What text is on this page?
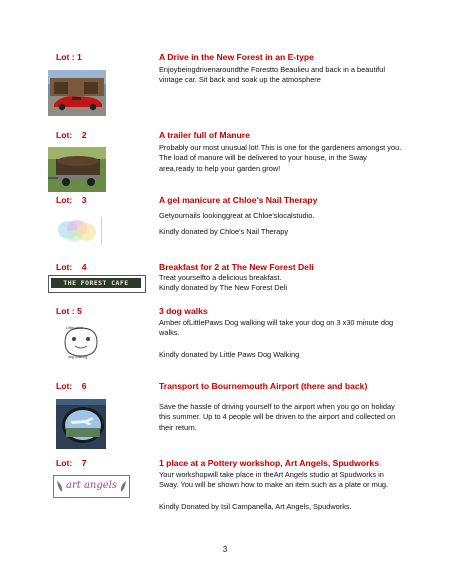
Lot : 1	A Drive in the New Forest in an E-type

Enjoybeingdrivenaroundthe Forestto Beaulieu and back in a beautiful vintage car. Sit back and soak up the atmosphere

Lot:    2	A trailer full of Manure

Probably our most unusual lot! This is one for the gardeners amongst you. The load of manure will be delivered to your house, in the Sway area,ready to help your garden grow!

Lot:    3	A gel manicure at Chloe's Nail Therapy

Getyournails lookinggreat at Chloe'slocalstudio.

Kindly donated by Chloe's Nail Therapy

Lot:    4	Breakfast for 2 at The New Forest Deli

Treat yourselfto a delicious breakfast.

Kindly donated by The New Forest Deli

THE FOREST CAFE
Lot : 5	3 dog walks

Amber ofLittlePaws Dog walking will take your dog on 3 x30 minute dog walks.

Kindly donated by Little Paws Dog Walking

Little paws
dog walking
Lot:    6	Transport to Bournemouth Airport (there and back)

Save the hassle of driving yourself to the airport when you go on holiday this summer. Up to 4 people will be driven to the airport and collected on their return.

Lot:    7	1 place at a Pottery workshop, Art Angels, Spudworks

Your workshopwill take place in theArt Angels studio at Spudworks in Sway. You will be shown how to make an item such as a plate or mug.

Kindly Donated by Isil Campanella, Art Angels, Spudworks.

art angels
3
